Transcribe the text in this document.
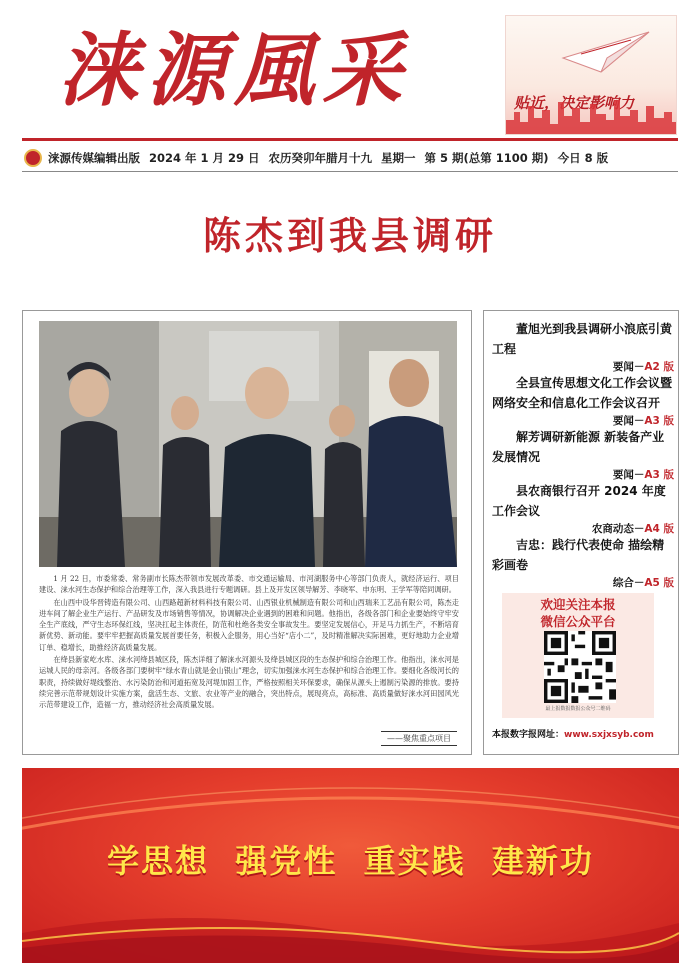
涞源風采	贴近，决定影响力
涞源传媒编辑出版 2024 年 1 月 29 日 农历癸卯年腊月十九 星期一 第 5 期(总第 1100 期) 今日 8 版
陈杰到我县调研

1 月 22 日，市委常委、常务副市长陈杰带领市发展改革委、市交通运输局、市河湖服务中心等部门负责人，就经济运行、项目建设、涞水河生态保护和综合治理等工作，深入我县进行专题调研。县上及开发区领导解芳、李晓军、申东明、王学军等陪同调研。

在山西中设华晋铸造有限公司、山西路超新材料科技有限公司、山西银业机械制造有限公司和山西瑞来工艺品有限公司，陈杰走进车间了解企业生产运行、产品研发及市场销售等情况，协调解决企业遇到的困难和问题。他指出，各级各部门和企业要始终守牢安全生产底线，严守生态环保红线，坚决扛起主体责任，防范和杜绝各类安全事故发生。要坚定发展信心，开足马力抓生产，不断培育新优势、新动能。要牢牢把握高质量发展首要任务，积极入企服务，用心当好“店小二”，及时精准解决实际困难，更好地助力企业增订单、稳增长，助推经济高质量发展。

在绛县新家屹水库、涞水河绛县城区段，陈杰详细了解涞水河源头及绛县城区段的生态保护和综合治理工作。他指出，涞水河是运城人民的母亲河。各级各部门要树牢“绿水青山就是金山银山”理念，切实加强涞水河生态保护和综合治理工作。要细化各级河长的职责，持续做好堤线整治、水污染防治和河道拓宽及河堤加固工作，严格按照相关环保要求，确保从源头上遏制污染源的排放。要持续完善示范带规划设计实施方案，盘活生态、文旅、农业等产业的融合，突出特点，展现亮点，高标准、高质量做好涞水河田园风光示范带建设工作，造福一方，推动经济社会高质量发展。

——聚焦重点项目
董旭光到我县调研小浪底引黄工程
要闻－A2 版
全县宣传思想文化工作会议暨网络安全和信息化工作会议召开
要闻－A3 版
解芳调研新能源 新装备产业发展情况
要闻－A3 版
县农商银行召开 2024 年度工作会议
农商动态－A4 版
吉忠：践行代表使命 描绘精彩画卷
综合－A5 版
欢迎关注本报
微信公众平台
最上报数报数报公众号二维码
本报数字报网址：www.sxjxsyb.com
学思想  强党性  重实践  建新功
